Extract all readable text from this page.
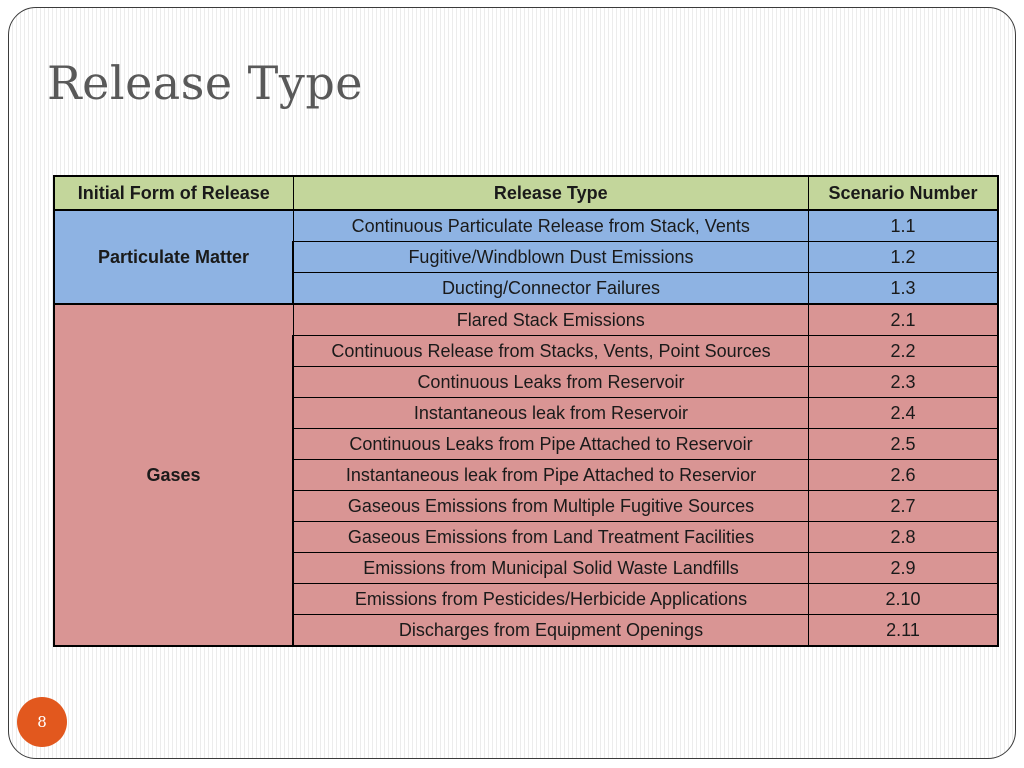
Release Type
Initial Form of Release	Release Type	Scenario Number
Particulate Matter	Continuous Particulate Release from Stack, Vents	1.1
	Fugitive/Windblown Dust Emissions	1.2
	Ducting/Connector Failures	1.3
Gases	Flared Stack Emissions	2.1
	Continuous Release from Stacks, Vents, Point Sources	2.2
	Continuous Leaks from Reservoir	2.3
	Instantaneous leak from Reservoir	2.4
	Continuous Leaks from Pipe Attached to Reservoir	2.5
	Instantaneous leak from Pipe Attached to Reservior	2.6
	Gaseous Emissions from Multiple Fugitive Sources	2.7
	Gaseous Emissions from Land Treatment Facilities	2.8
	Emissions from Municipal Solid Waste Landfills	2.9
	Emissions from Pesticides/Herbicide Applications	2.10
	Discharges from Equipment Openings	2.11
8
